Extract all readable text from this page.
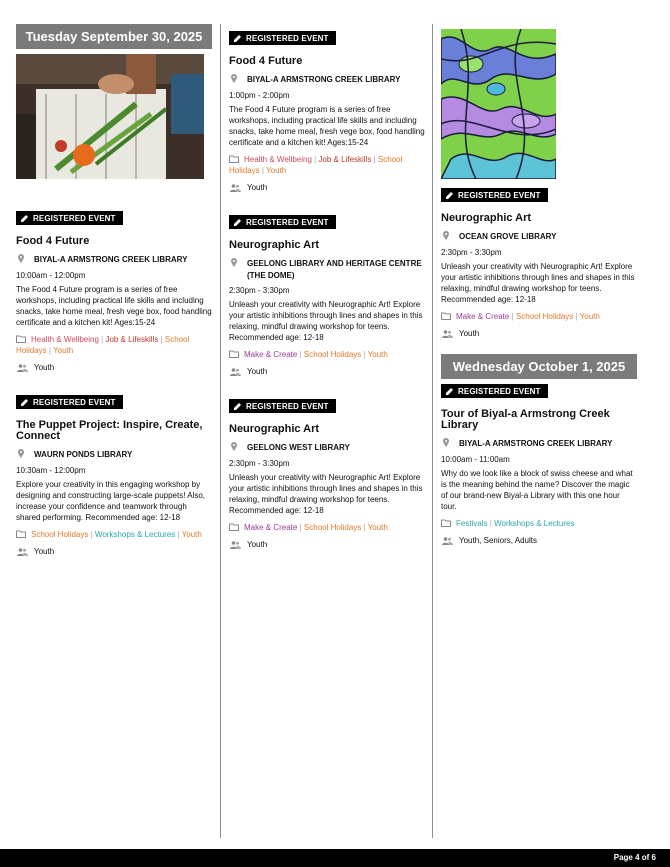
Tuesday September 30, 2025
REGISTERED EVENT
Food 4 Future
BIYAL-A ARMSTRONG CREEK LIBRARY
10:00am - 12:00pm
The Food 4 Future program is a series of free workshops, including practical life skills and including snacks, take home meal, fresh vege box, food handling certificate and a kitchen kit! Ages:15-24
Health & Wellbeing | Job & Lifeskills | School Holidays | Youth
Youth
REGISTERED EVENT
The Puppet Project: Inspire, Create, Connect
WAURN PONDS LIBRARY
10:30am - 12:00pm
Explore your creativity in this engaging workshop by designing and constructing large-scale puppets! Also, increase your confidence and teamwork through shared performing. Recommended age: 12-18
School Holidays | Workshops & Lectures | Youth
Youth
REGISTERED EVENT
Food 4 Future
BIYAL-A ARMSTRONG CREEK LIBRARY
1:00pm - 2:00pm
The Food 4 Future program is a series of free workshops, including practical life skills and including snacks, take home meal, fresh vege box, food handling certificate and a kitchen kit! Ages:15-24
Health & Wellbeing | Job & Lifeskills | School Holidays | Youth
Youth
REGISTERED EVENT
Neurographic Art
GEELONG LIBRARY AND HERITAGE CENTRE (THE DOME)
2:30pm - 3:30pm
Unleash your creativity with Neurographic Art! Explore your artistic inhibitions through lines and shapes in this relaxing, mindful drawing workshop for teens. Recommended age: 12-18
Make & Create | School Holidays | Youth
Youth
REGISTERED EVENT
Neurographic Art
GEELONG WEST LIBRARY
2:30pm - 3:30pm
Unleash your creativity with Neurographic Art! Explore your artistic inhibitions through lines and shapes in this relaxing, mindful drawing workshop for teens. Recommended age: 12-18
Make & Create | School Holidays | Youth
Youth
REGISTERED EVENT
Neurographic Art
OCEAN GROVE LIBRARY
2:30pm - 3:30pm
Unleash your creativity with Neurographic Art! Explore your artistic inhibitions through lines and shapes in this relaxing, mindful drawing workshop for teens. Recommended age: 12-18
Make & Create | School Holidays | Youth
Youth
Wednesday October 1, 2025
REGISTERED EVENT
Tour of Biyal-a Armstrong Creek Library
BIYAL-A ARMSTRONG CREEK LIBRARY
10:00am - 11:00am
Why do we look like a block of swiss cheese and what is the meaning behind the name? Discover the magic of our brand-new Biyal-a Library with this one hour tour.
Festivals | Workshops & Lectures
Youth, Seniors, Adults
Page 4 of 6
